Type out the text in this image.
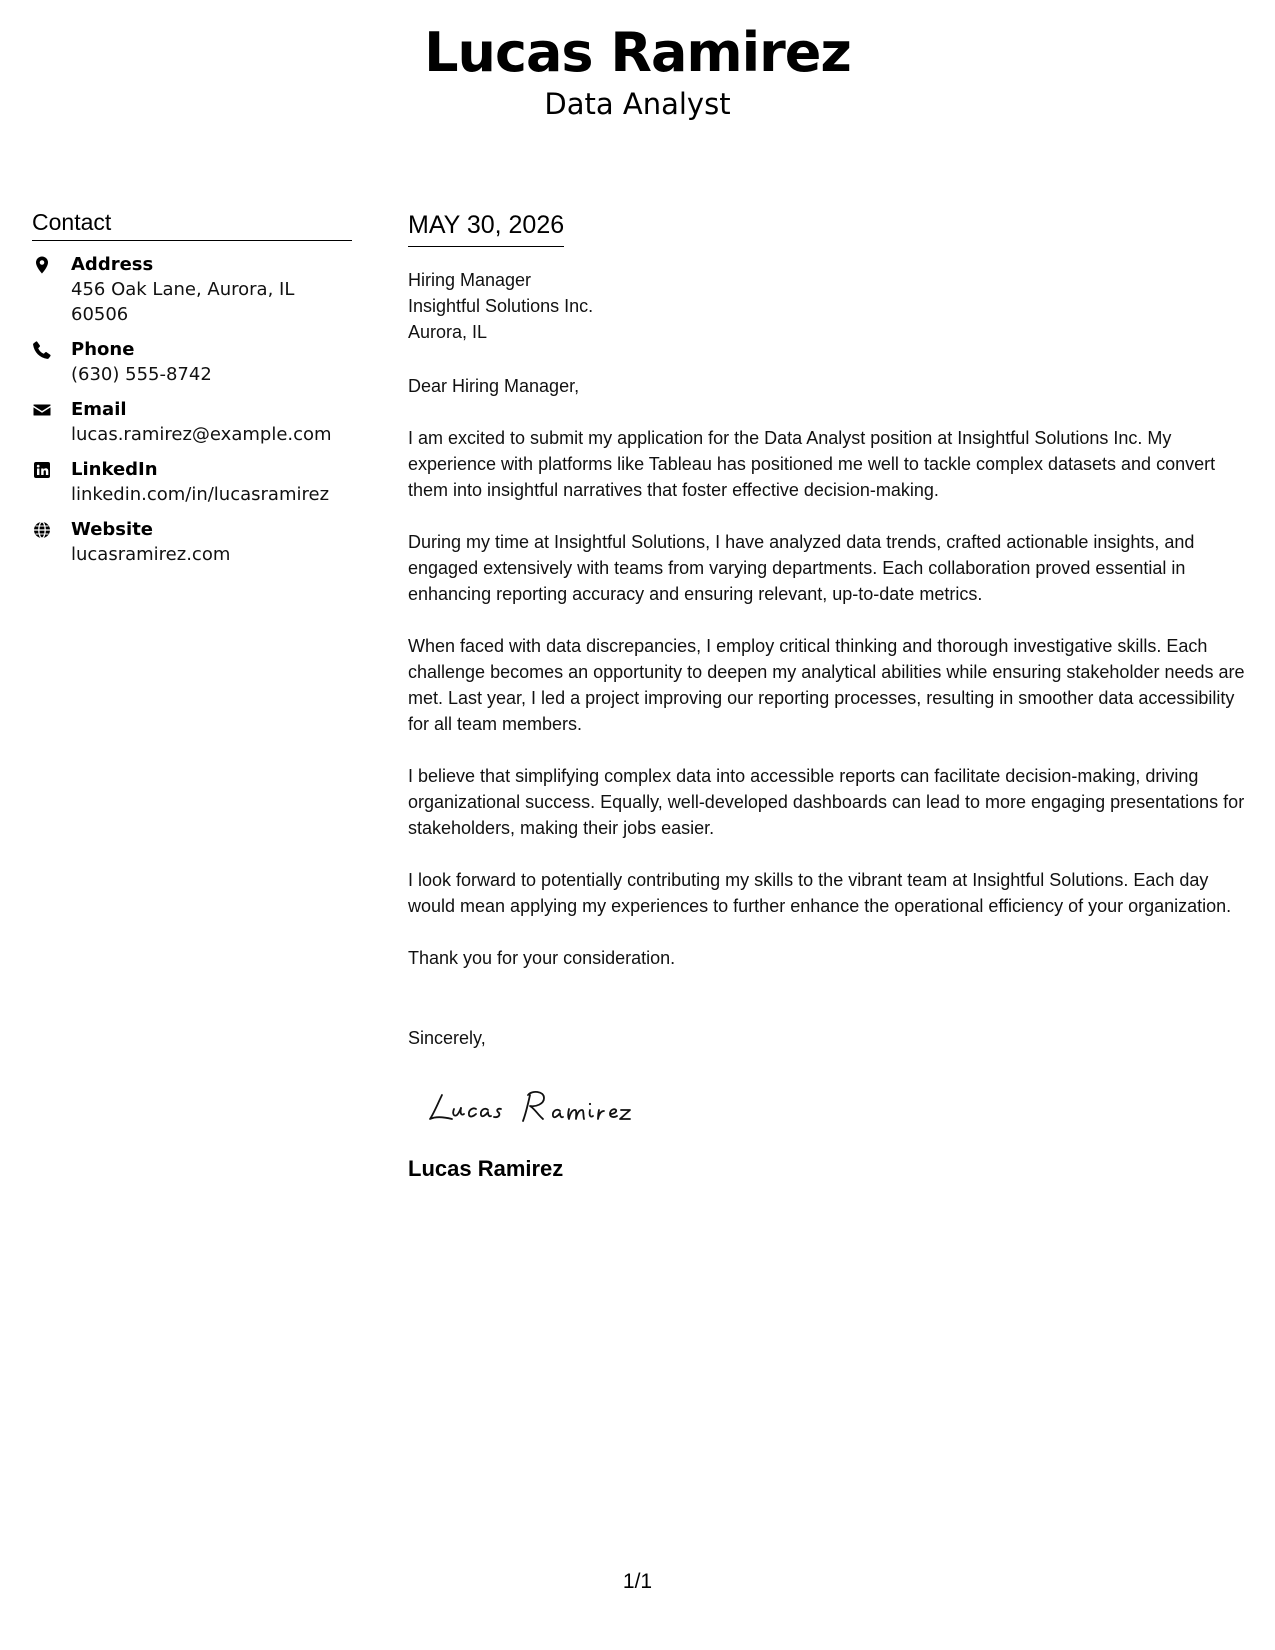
Lucas Ramirez
Data Analyst
Contact
Address
456 Oak Lane, Aurora, IL 60506
Phone
(630) 555-8742
Email
lucas.ramirez@example.com
LinkedIn
linkedin.com/in/lucasramirez
Website
lucasramirez.com
MAY 30, 2026
Hiring Manager
Insightful Solutions Inc.
Aurora, IL
Dear Hiring Manager,

I am excited to submit my application for the Data Analyst position at Insightful Solutions Inc. My experience with platforms like Tableau has positioned me well to tackle complex datasets and convert them into insightful narratives that foster effective decision-making.

During my time at Insightful Solutions, I have analyzed data trends, crafted actionable insights, and engaged extensively with teams from varying departments. Each collaboration proved essential in enhancing reporting accuracy and ensuring relevant, up-to-date metrics.

When faced with data discrepancies, I employ critical thinking and thorough investigative skills. Each challenge becomes an opportunity to deepen my analytical abilities while ensuring stakeholder needs are met. Last year, I led a project improving our reporting processes, resulting in smoother data accessibility for all team members.

I believe that simplifying complex data into accessible reports can facilitate decision-making, driving organizational success. Equally, well-developed dashboards can lead to more engaging presentations for stakeholders, making their jobs easier.

I look forward to potentially contributing my skills to the vibrant team at Insightful Solutions. Each day would mean applying my experiences to further enhance the operational efficiency of your organization.

Thank you for your consideration.
Sincerely,
Lucas Ramirez
1/1
